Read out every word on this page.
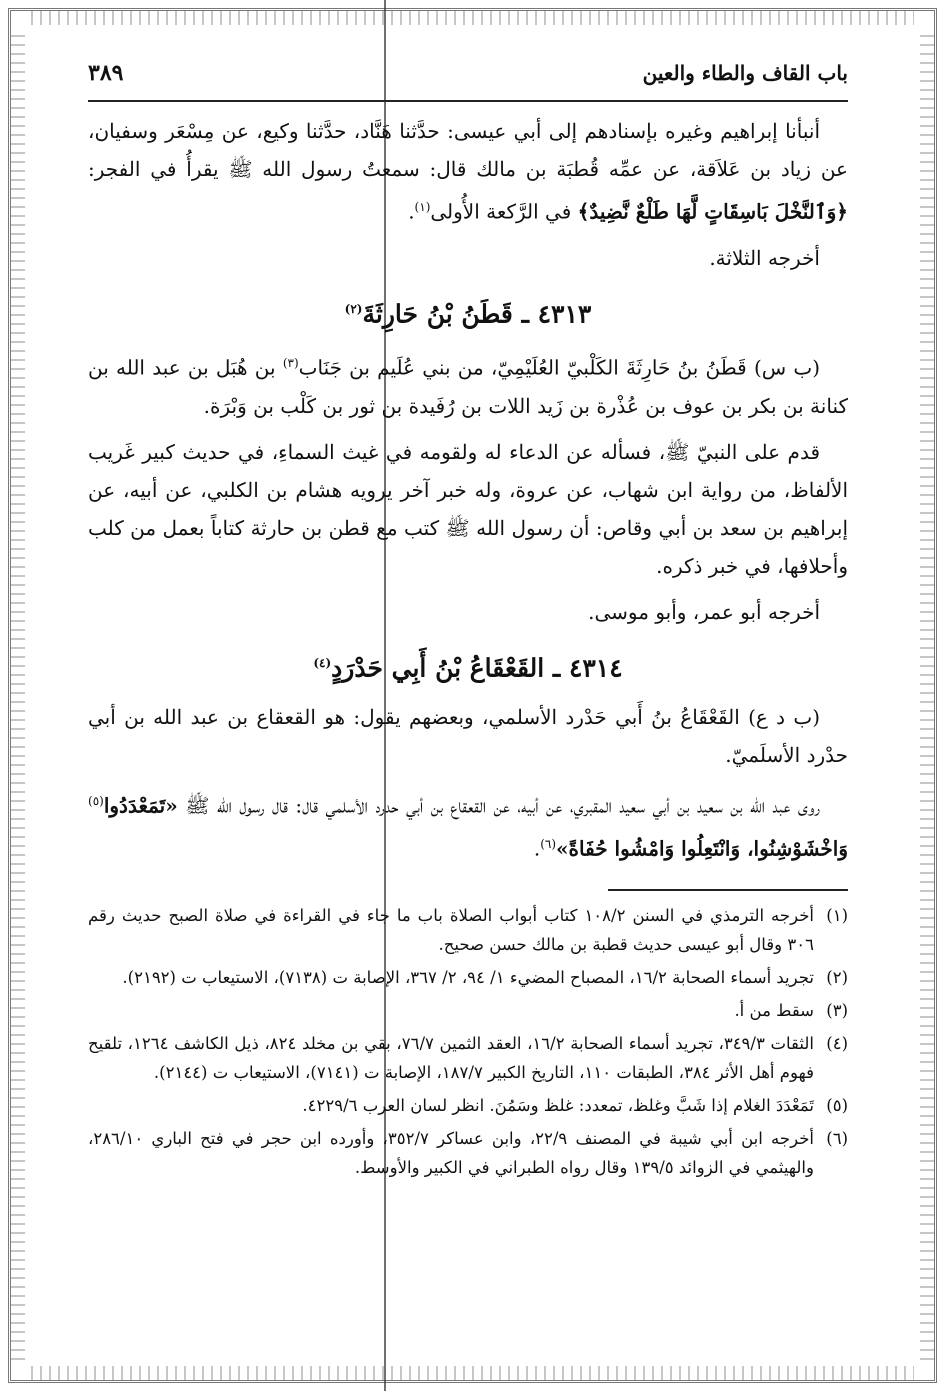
باب القاف والطاء والعين
٣٨٩

أنبأنا إبراهيم وغيره بإسنادهم إلى أبي عيسى: حدَّثنا هَنَّاد، حدَّثنا وكيع، عن مِسْعَر وسفيان، عن زياد بن عَلاَقة، عن عمِّه قُطبَة بن مالك قال: سمعتُ رسول الله ﷺ يقرأُ في الفجر: ﴿وَٱلنَّخْلَ بَاسِقَاتٍ لَّهَا طَلْعٌ نَّضِيدٌ﴾ في الرَّكعة الأُولى$^{(١)}$.

أخرجه الثلاثة.

٤٣١٣ ـ قَطَنُ بْنُ حَارِثَةَ$^{(٢)}$

(ب س) قَطَنُ بنُ حَارِثَةَ الكَلْبيّ العُلَيْمِيّ، من بني عُلَيم بن جَنَاب$^{(٣)}$ بن هُبَل بن عبد الله بن كنانة بن بكر بن عوف بن عُذْرة بن زَيد اللات بن رُفَيدة بن ثور بن كَلْب بن وَبْرَة.

قدم على النبيّ ﷺ، فسأله عن الدعاء له ولقومه في غيث السماءِ، في حديث كبير غَريب الألفاظ، من رواية ابن شهاب، عن عروة، وله خبر آخر يرويه هشام بن الكلبي، عن أبيه، عن إبراهيم بن سعد بن أبي وقاص: أن رسول الله ﷺ كتب مع قطن بن حارثة كتاباً بعمل من كلب وأحلافها، في خبر ذكره.

أخرجه أبو عمر، وأبو موسى.

٤٣١٤ ـ القَعْقَاعُ بْنُ أَبِي حَدْرَدٍ$^{(٤)}$

(ب د ع) القَعْقَاعُ بنُ أَبي حَدْرد الأسلمي، وبعضهم يقول: هو القعقاع بن عبد الله بن أبي حدْرد الأسلَميّ.

روى عبد الله بن سعيد بن أبي سعيد المقبري، عن أبيه، عن القعقاع بن أبي حدرد الأسلمي قال: قال رسول الله ﷺ «تَمَعْدَدُوا$^{(٥)}$ وَاخْشَوْشِنُوا، وَانْتَعِلُوا وَامْشُوا حُفَاةً»$^{(٦)}$.

(١)
أخرجه الترمذي في السنن ١٠٨/٢ كتاب أبواب الصلاة باب ما جاء في القراءة في صلاة الصبح حديث رقم ٣٠٦ وقال أبو عيسى حديث قطبة بن مالك حسن صحيح.
(٢)
تجريد أسماء الصحابة ١٦/٢، المصباح المضيء ١/ ٩٤، ٢/ ٣٦٧، الإصابة ت (٧١٣٨)، الاستيعاب ت (٢١٩٢).
(٣)
سقط من أ.
(٤)
الثقات ٣٤٩/٣، تجريد أسماء الصحابة ١٦/٢، العقد الثمين ٧٦/٧، بقي بن مخلد ٨٢٤، ذيل الكاشف ١٢٦٤، تلقيح فهوم أهل الأثر ٣٨٤، الطبقات ١١٠، التاريخ الكبير ١٨٧/٧، الإصابة ت (٧١٤١)، الاستيعاب ت (٢١٤٤).
(٥)
تَمَعْدَدَ الغلام إذا شَبَّ وغلظ، تمعدد: غلظ وسَمُنَ. انظر لسان العرب ٤٢٢٩/٦.
(٦)
أخرجه ابن أبي شيبة في المصنف ٢٢/٩، وابن عساكر ٣٥٢/٧، وأورده ابن حجر في فتح الباري ٢٨٦/١٠، والهيثمي في الزوائد ١٣٩/٥ وقال رواه الطبراني في الكبير والأوسط.
